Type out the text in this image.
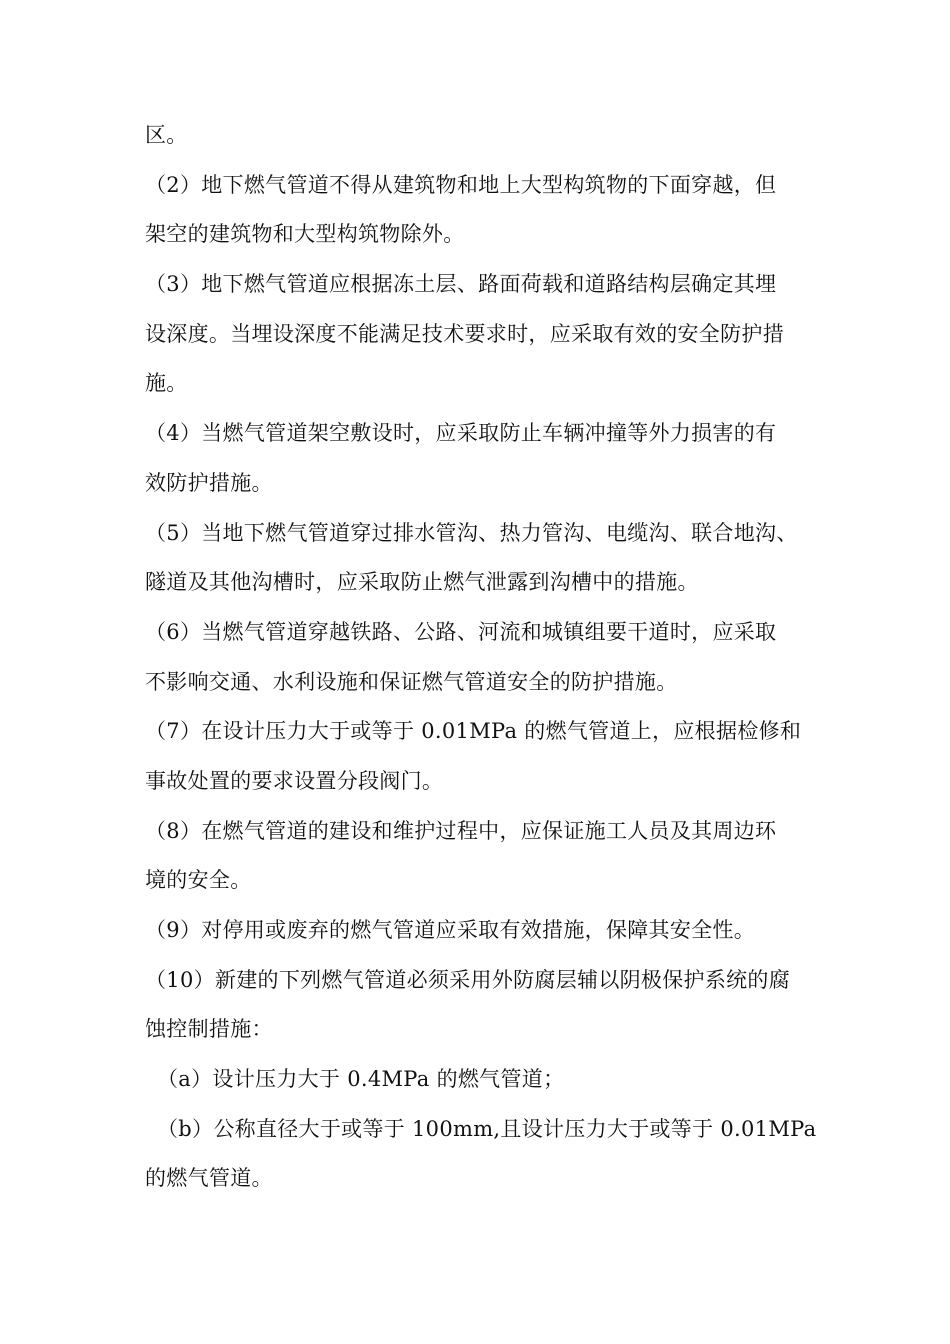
区。
（2）地下燃气管道不得从建筑物和地上大型构筑物的下面穿越，但
架空的建筑物和大型构筑物除外。
（3）地下燃气管道应根据冻土层、路面荷载和道路结构层确定其埋
设深度。当埋设深度不能满足技术要求时，应采取有效的安全防护措
施。
（4）当燃气管道架空敷设时，应采取防止车辆冲撞等外力损害的有
效防护措施。
（5）当地下燃气管道穿过排水管沟、热力管沟、电缆沟、联合地沟、
隧道及其他沟槽时，应采取防止燃气泄露到沟槽中的措施。
（6）当燃气管道穿越铁路、公路、河流和城镇组要干道时，应采取
不影响交通、水利设施和保证燃气管道安全的防护措施。
（7）在设计压力大于或等于 0.01MPa 的燃气管道上，应根据检修和
事故处置的要求设置分段阀门。
（8）在燃气管道的建设和维护过程中，应保证施工人员及其周边环
境的安全。
（9）对停用或废弃的燃气管道应采取有效措施，保障其安全性。
（10）新建的下列燃气管道必须采用外防腐层辅以阴极保护系统的腐
蚀控制措施：
（a）设计压力大于 0.4MPa 的燃气管道；
（b）公称直径大于或等于 100mm,且设计压力大于或等于 0.01MPa
的燃气管道。
